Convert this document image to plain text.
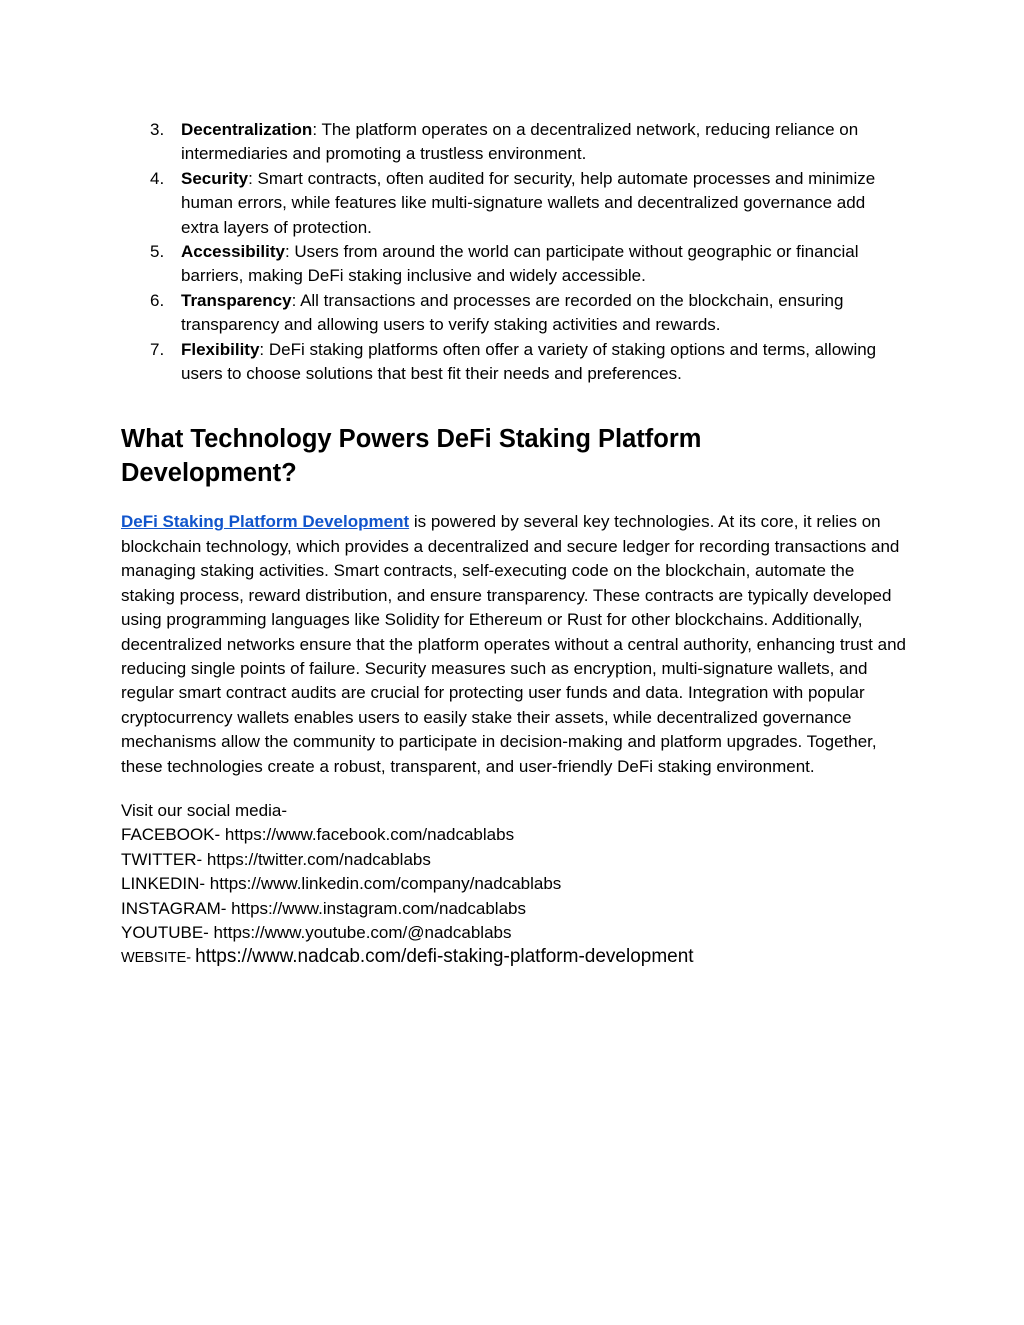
3. Decentralization: The platform operates on a decentralized network, reducing reliance on intermediaries and promoting a trustless environment.
4. Security: Smart contracts, often audited for security, help automate processes and minimize human errors, while features like multi-signature wallets and decentralized governance add extra layers of protection.
5. Accessibility: Users from around the world can participate without geographic or financial barriers, making DeFi staking inclusive and widely accessible.
6. Transparency: All transactions and processes are recorded on the blockchain, ensuring transparency and allowing users to verify staking activities and rewards.
7. Flexibility: DeFi staking platforms often offer a variety of staking options and terms, allowing users to choose solutions that best fit their needs and preferences.
What Technology Powers DeFi Staking Platform Development?

DeFi Staking Platform Development is powered by several key technologies. At its core, it relies on blockchain technology, which provides a decentralized and secure ledger for recording transactions and managing staking activities. Smart contracts, self-executing code on the blockchain, automate the staking process, reward distribution, and ensure transparency. These contracts are typically developed using programming languages like Solidity for Ethereum or Rust for other blockchains. Additionally, decentralized networks ensure that the platform operates without a central authority, enhancing trust and reducing single points of failure. Security measures such as encryption, multi-signature wallets, and regular smart contract audits are crucial for protecting user funds and data. Integration with popular cryptocurrency wallets enables users to easily stake their assets, while decentralized governance mechanisms allow the community to participate in decision-making and platform upgrades. Together, these technologies create a robust, transparent, and user-friendly DeFi staking environment.

Visit our social media-
FACEBOOK- https://www.facebook.com/nadcablabs
TWITTER- https://twitter.com/nadcablabs
LINKEDIN- https://www.linkedin.com/company/nadcablabs
INSTAGRAM- https://www.instagram.com/nadcablabs
YOUTUBE- https://www.youtube.com/@nadcablabs
WEBSITE- https://www.nadcab.com/defi-staking-platform-development
